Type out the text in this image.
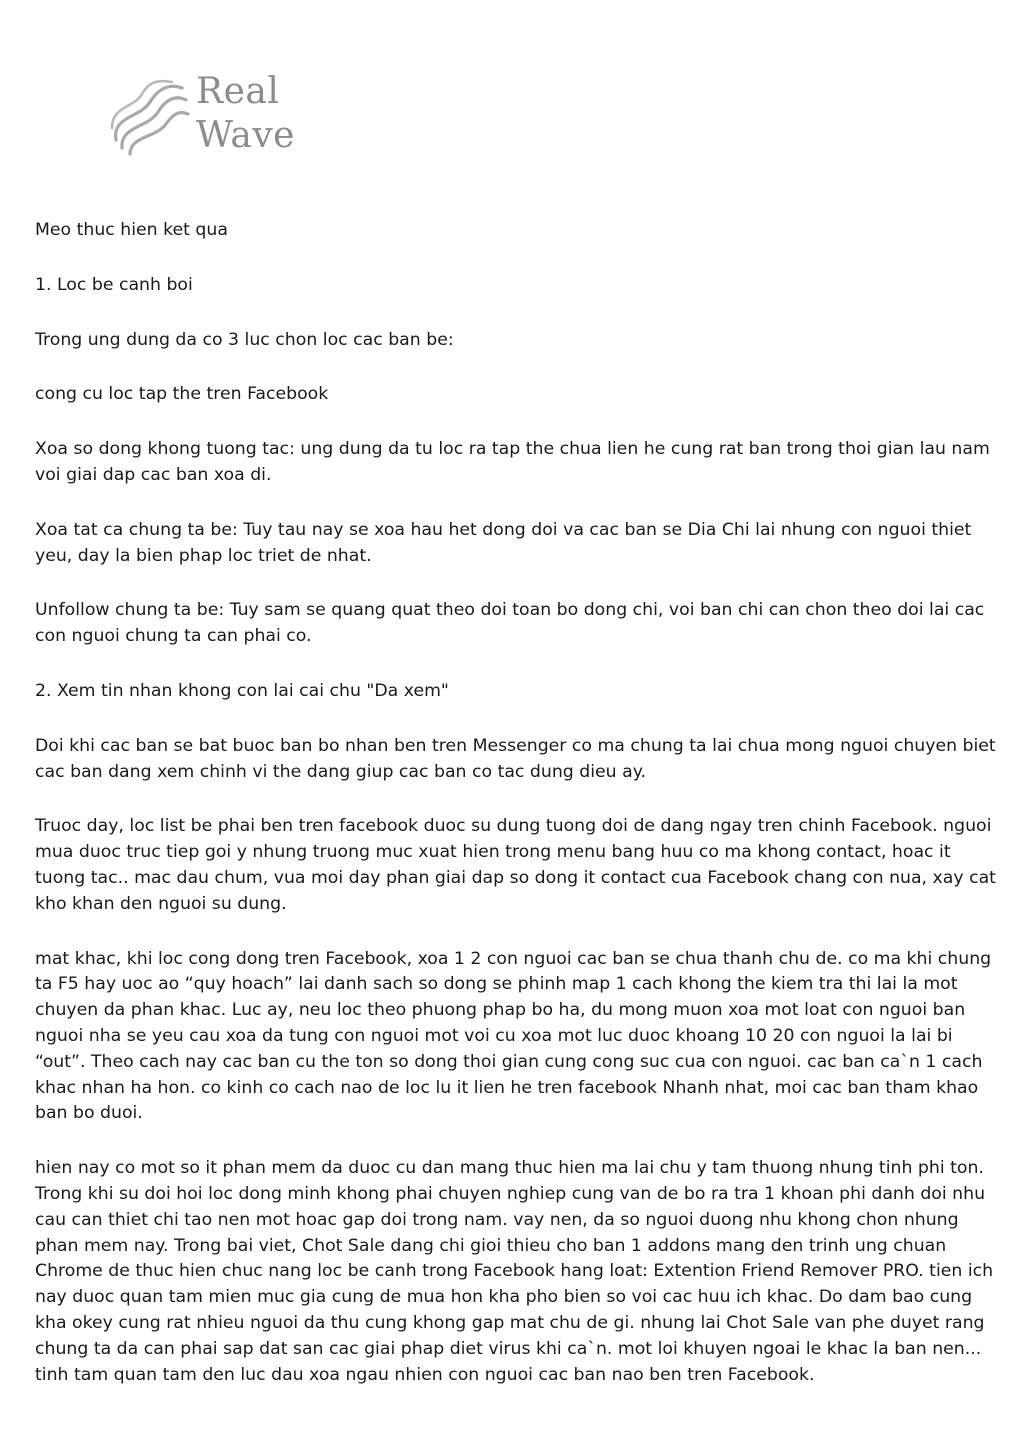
Real
Wave

Meo thuc hien ket qua

1. Loc be canh boi

Trong ung dung da co 3 luc chon loc cac ban be:

cong cu loc tap the tren Facebook

Xoa so dong khong tuong tac: ung dung da tu loc ra tap the chua lien he cung rat ban trong thoi gian lau nam voi giai dap cac ban xoa di.

Xoa tat ca chung ta be: Tuy tau nay se xoa hau het dong doi va cac ban se Dia Chi lai nhung con nguoi thiet yeu, day la bien phap loc triet de nhat.

Unfollow chung ta be: Tuy sam se quang quat theo doi toan bo dong chi, voi ban chi can chon theo doi lai cac con nguoi chung ta can phai co.

2. Xem tin nhan khong con lai cai chu "Da xem"

Doi khi cac ban se bat buoc ban bo nhan ben tren Messenger co ma chung ta lai chua mong nguoi chuyen biet cac ban dang xem chinh vi the dang giup cac ban co tac dung dieu ay.

Truoc day, loc list be phai ben tren facebook duoc su dung tuong doi de dang ngay tren chinh Facebook. nguoi mua duoc truc tiep goi y nhung truong muc xuat hien trong menu bang huu co ma khong contact, hoac it tuong tac.. mac dau chum, vua moi day phan giai dap so dong it contact cua Facebook chang con nua, xay cat kho khan den nguoi su dung.

mat khac, khi loc cong dong tren Facebook, xoa 1 2 con nguoi cac ban se chua thanh chu de. co ma khi chung ta F5 hay uoc ao “quy hoach” lai danh sach so dong se phinh map 1 cach khong the kiem tra thi lai la mot chuyen da phan khac. Luc ay, neu loc theo phuong phap bo ha, du mong muon xoa mot loat con nguoi ban nguoi nha se yeu cau xoa da tung con nguoi mot voi cu xoa mot luc duoc khoang 10 20 con nguoi la lai bi “out”. Theo cach nay cac ban cu the ton so dong thoi gian cung cong suc cua con nguoi. cac ban ca`n 1 cach khac nhan ha hon. co kinh co cach nao de loc lu it lien he tren facebook Nhanh nhat, moi cac ban tham khao ban bo duoi.

hien nay co mot so it phan mem da duoc cu dan mang thuc hien ma lai chu y tam thuong nhung tinh phi ton. Trong khi su doi hoi loc dong minh khong phai chuyen nghiep cung van de bo ra tra 1 khoan phi danh doi nhu cau can thiet chi tao nen mot hoac gap doi trong nam. vay nen, da so nguoi duong nhu khong chon nhung phan mem nay. Trong bai viet, Chot Sale dang chi gioi thieu cho ban 1 addons mang den trinh ung chuan Chrome de thuc hien chuc nang loc be canh trong Facebook hang loat: Extention Friend Remover PRO. tien ich nay duoc quan tam mien muc gia cung de mua hon kha pho bien so voi cac huu ich khac. Do dam bao cung kha okey cung rat nhieu nguoi da thu cung khong gap mat chu de gi. nhung lai Chot Sale van phe duyet rang chung ta da can phai sap dat san cac giai phap diet virus khi ca`n. mot loi khuyen ngoai le khac la ban nen... tinh tam quan tam den luc dau xoa ngau nhien con nguoi cac ban nao ben tren Facebook.
